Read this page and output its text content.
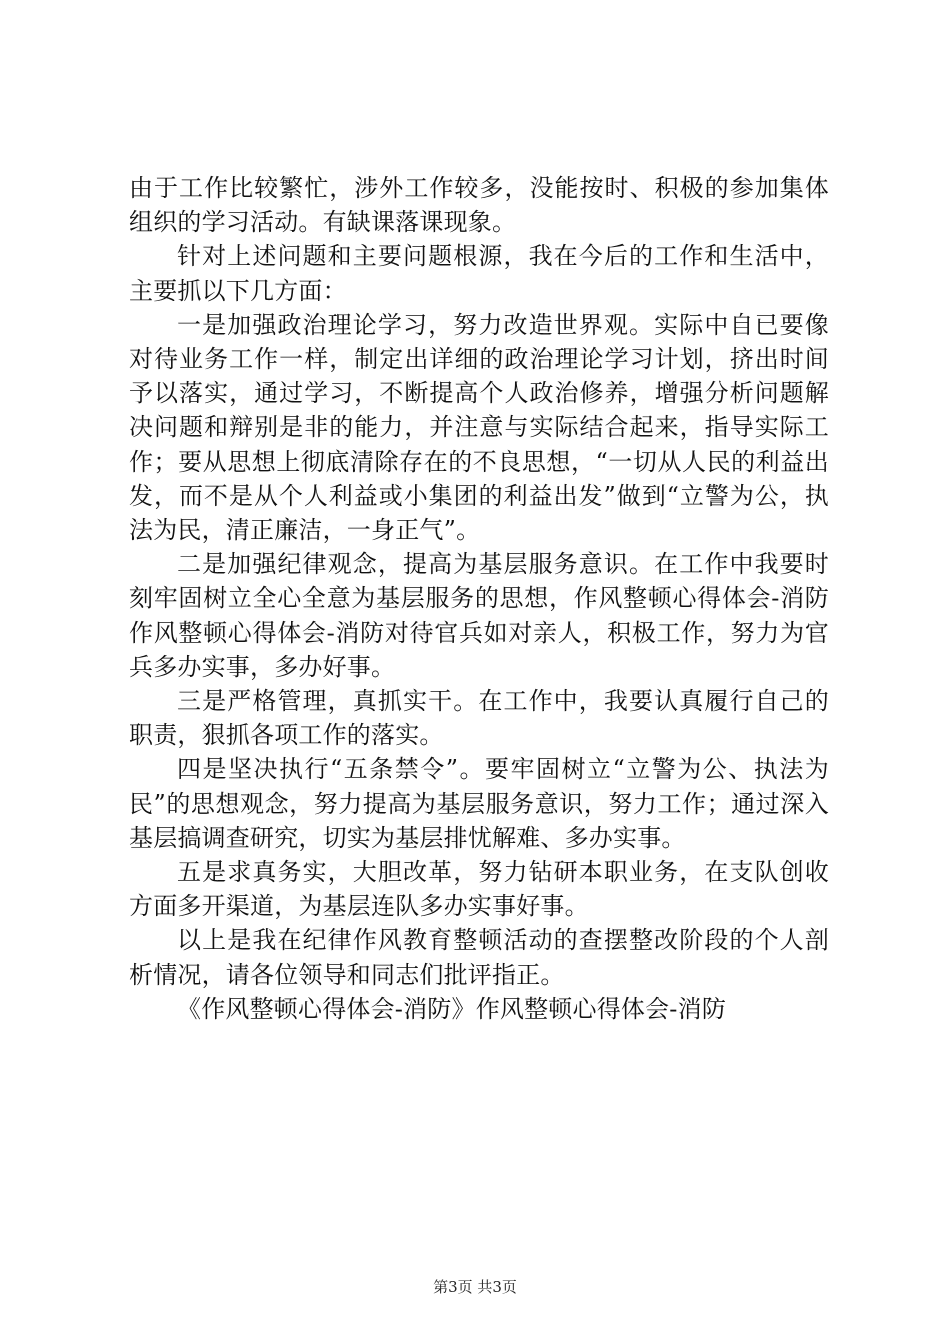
由于工作比较繁忙，涉外工作较多，没能按时、积极的参加集体组织的学习活动。有缺课落课现象。

针对上述问题和主要问题根源，我在今后的工作和生活中，主要抓以下几方面：

一是加强政治理论学习，努力改造世界观。实际中自已要像对待业务工作一样，制定出详细的政治理论学习计划，挤出时间予以落实，通过学习，不断提高个人政治修养，增强分析问题解决问题和辩别是非的能力，并注意与实际结合起来，指导实际工作；要从思想上彻底清除存在的不良思想，“一切从人民的利益出发，而不是从个人利益或小集团的利益出发”做到“立警为公，执法为民，清正廉洁，一身正气”。

二是加强纪律观念，提高为基层服务意识。在工作中我要时刻牢固树立全心全意为基层服务的思想，作风整顿心得体会-消防作风整顿心得体会-消防对待官兵如对亲人，积极工作，努力为官兵多办实事，多办好事。

三是严格管理，真抓实干。在工作中，我要认真履行自己的职责，狠抓各项工作的落实。

四是坚决执行“五条禁令”。要牢固树立“立警为公、执法为民”的思想观念，努力提高为基层服务意识，努力工作；通过深入基层搞调查研究，切实为基层排忧解难、多办实事。

五是求真务实，大胆改革，努力钻研本职业务，在支队创收方面多开渠道，为基层连队多办实事好事。

以上是我在纪律作风教育整顿活动的查摆整改阶段的个人剖析情况，请各位领导和同志们批评指正。

《作风整顿心得体会-消防》作风整顿心得体会-消防

第3页 共3页
